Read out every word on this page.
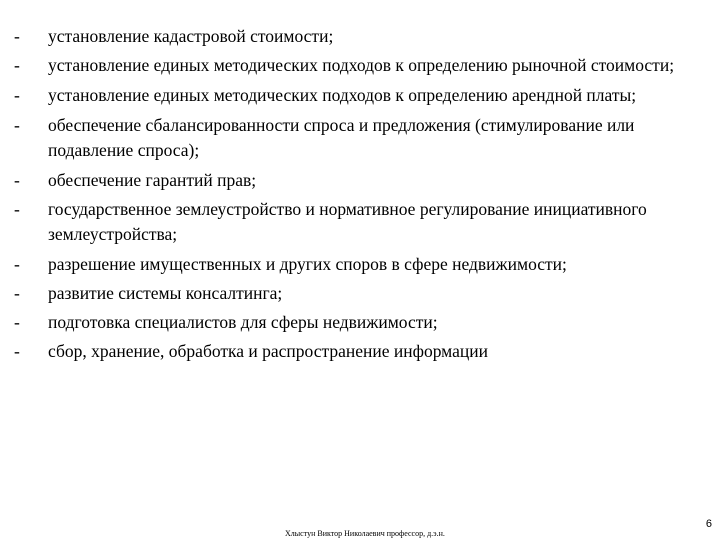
-	установление кадастровой стоимости;
-	установление единых методических подходов к определению рыночной стоимости;
-	установление единых методических подходов к определению арендной платы;
-	обеспечение сбалансированности спроса и предложения (стимулирование или подавление спроса);
-	обеспечение гарантий прав;
-	государственное землеустройство и нормативное регулирование инициативного землеустройства;
-	разрешение имущественных и других споров в сфере недвижимости;
-	развитие системы консалтинга;
-	подготовка специалистов для сферы недвижимости;
-	сбор, хранение, обработка и распространение информации
Хлыстун Виктор Николаевич профессор, д.э.н.
6
